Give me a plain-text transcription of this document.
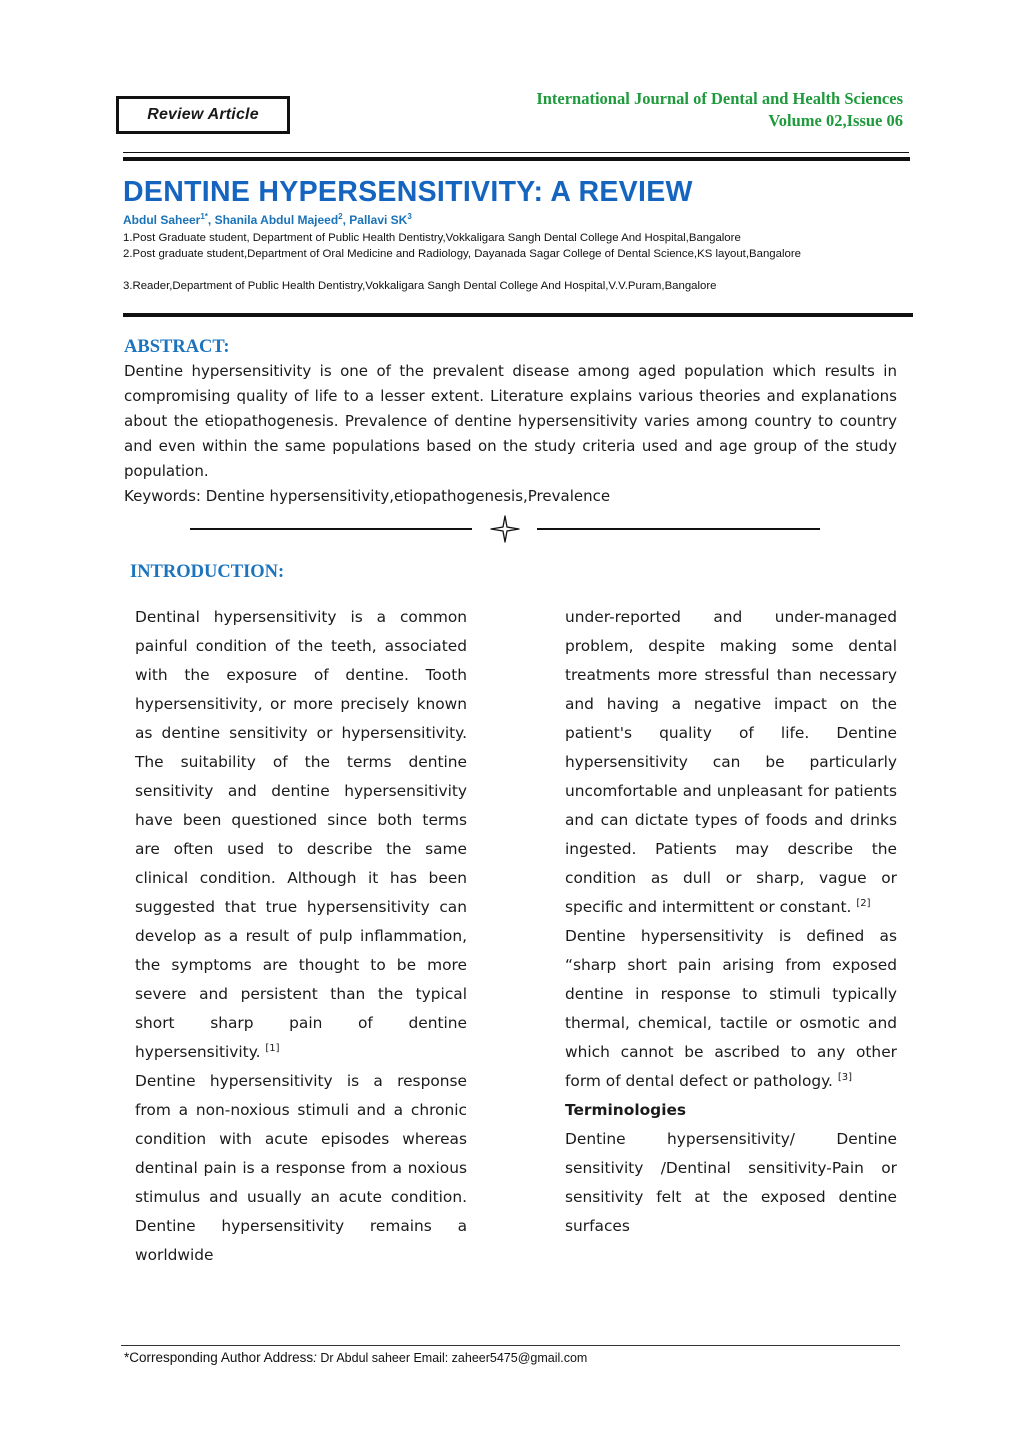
International Journal of Dental and Health Sciences
Volume 02,Issue 06
Review Article
DENTINE HYPERSENSITIVITY: A REVIEW
Abdul Saheer$^{1*}$, Shanila Abdul Majeed$^2$, Pallavi $SK^3$
1.Post Graduate student, Department of Public Health Dentistry,Vokkaligara Sangh Dental College And Hospital,Bangalore
2.Post graduate student,Department of Oral Medicine and Radiology, Dayanada Sagar College of Dental Science,KS layout,Bangalore
3.Reader,Department of Public Health Dentistry,Vokkaligara Sangh Dental College And Hospital,V.V.Puram,Bangalore
ABSTRACT:

Dentine hypersensitivity is one of the prevalent disease among aged population which results in compromising quality of life to a lesser extent. Literature explains various theories and explanations about the etiopathogenesis. Prevalence of dentine hypersensitivity varies among country to country and even within the same populations based on the study criteria used and age group of the study population.

Keywords: Dentine hypersensitivity,etiopathogenesis,Prevalence

INTRODUCTION:

Dentinal hypersensitivity is a common painful condition of the teeth, associated with the exposure of dentine. Tooth hypersensitivity, or more precisely known as dentine sensitivity or hypersensitivity. The suitability of the terms dentine sensitivity and dentine hypersensitivity have been questioned since both terms are often used to describe the same clinical condition. Although it has been suggested that true hypersensitivity can develop as a result of pulp inflammation, the symptoms are thought to be more severe and persistent than the typical short sharp pain of dentine hypersensitivity. [1]

Dentine hypersensitivity is a response from a non-noxious stimuli and a chronic condition with acute episodes whereas dentinal pain is a response from a noxious stimulus and usually an acute condition. Dentine hypersensitivity remains a worldwide

under-reported and under-managed problem, despite making some dental treatments more stressful than necessary and having a negative impact on the patient's quality of life. Dentine hypersensitivity can be particularly uncomfortable and unpleasant for patients and can dictate types of foods and drinks ingested. Patients may describe the condition as dull or sharp, vague or specific and intermittent or constant. [2]

Dentine hypersensitivity is defined as “sharp short pain arising from exposed dentine in response to stimuli typically thermal, chemical, tactile or osmotic and which cannot be ascribed to any other form of dental defect or pathology. [3]

Terminologies

Dentine hypersensitivity/ Dentine sensitivity /Dentinal sensitivity-Pain or sensitivity felt at the exposed dentine surfaces

*Corresponding Author Address: Dr Abdul saheer Email: zaheer5475@gmail.com
